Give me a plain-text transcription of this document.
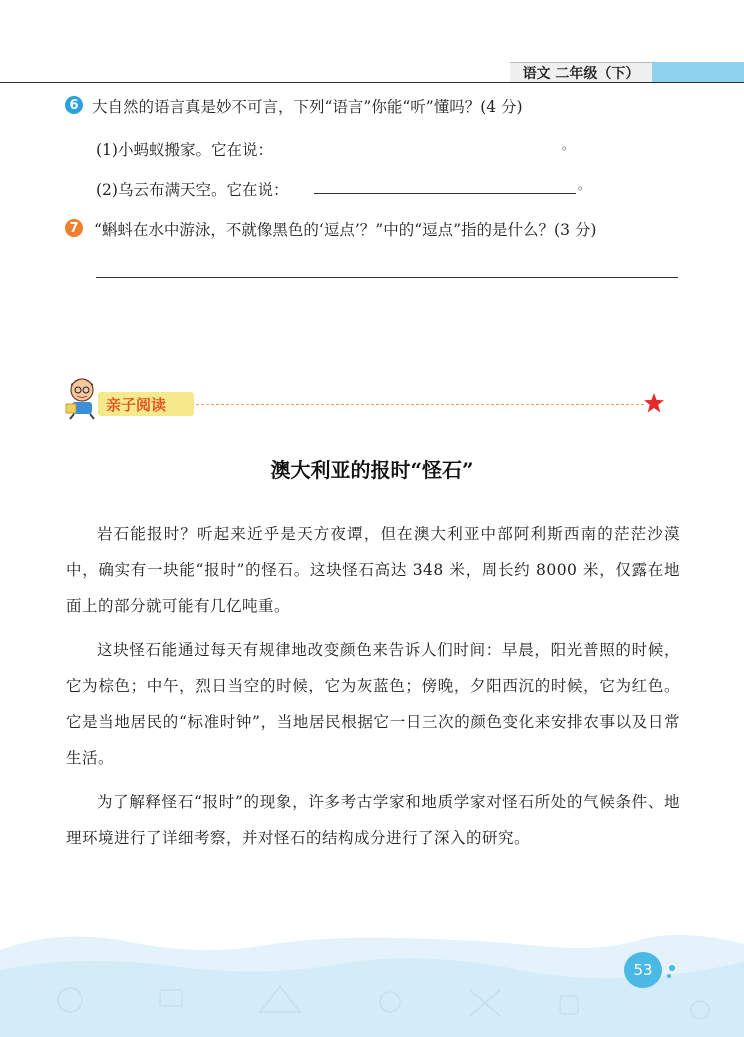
语文 二年级（下）
6 大自然的语言真是妙不可言，下列“语言”你能“听”懂吗？(4 分)
(1)小蚂蚁搬家。它在说：	。
(2)乌云布满天空。它在说：	。
7 “蝌蚪在水中游泳，不就像黑色的‘逗点’？”中的“逗点”指的是什么？(3 分)
亲子阅读
澳大利亚的报时“怪石”
岩石能报时？听起来近乎是天方夜谭，但在澳大利亚中部阿利斯西南的茫茫沙漠中，确实有一块能“报时”的怪石。这块怪石高达 348 米，周长约 8000 米，仅露在地面上的部分就可能有几亿吨重。
这块怪石能通过每天有规律地改变颜色来告诉人们时间：早晨，阳光普照的时候，它为棕色；中午，烈日当空的时候，它为灰蓝色；傍晚，夕阳西沉的时候，它为红色。它是当地居民的“标准时钟”，当地居民根据它一日三次的颜色变化来安排农事以及日常生活。
为了解释怪石“报时”的现象，许多考古学家和地质学家对怪石所处的气候条件、地理环境进行了详细考察，并对怪石的结构成分进行了深入的研究。
53
